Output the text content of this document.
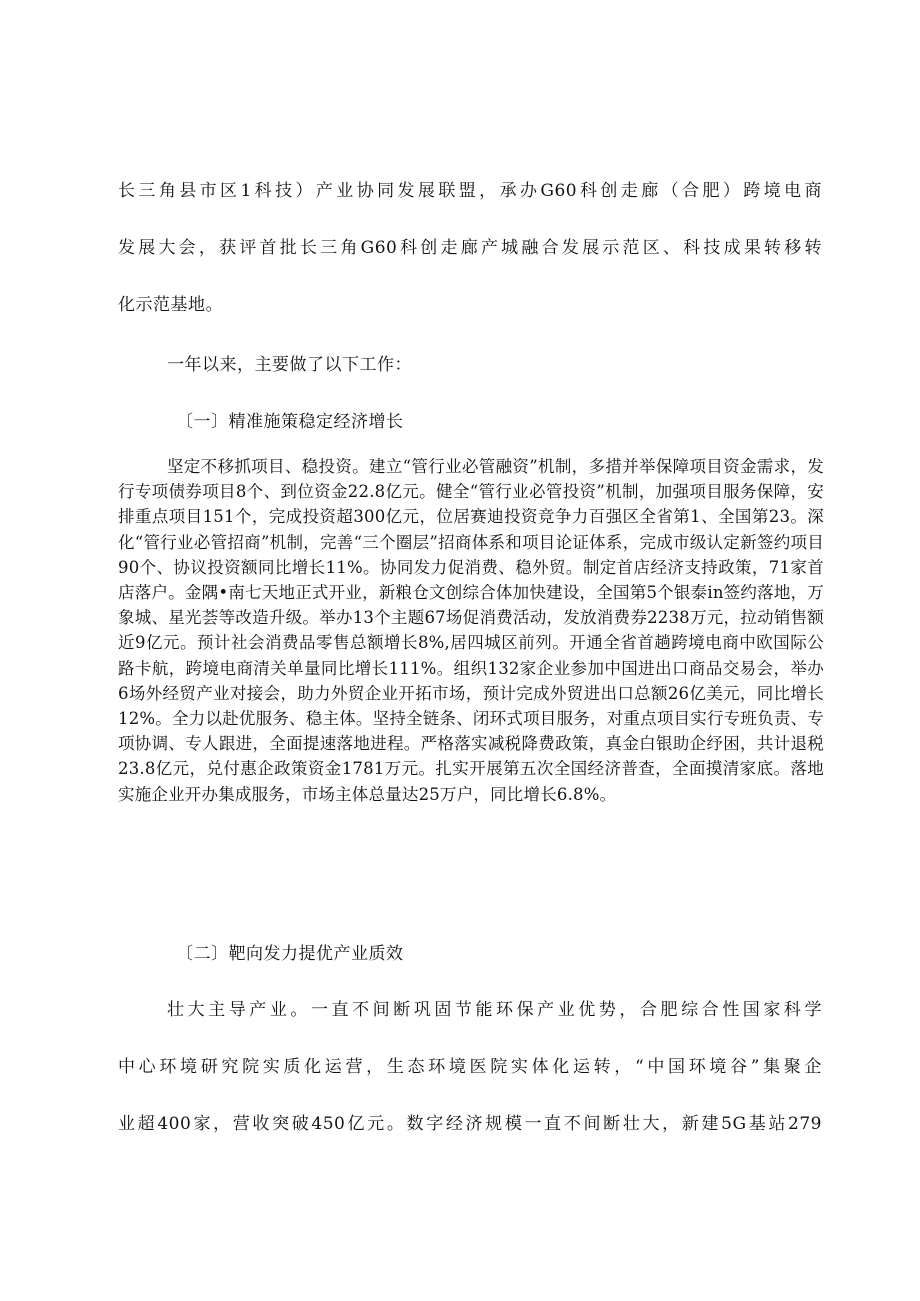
长三角县市区1科技）产业协同发展联盟，承办G60科创走廊（合肥）跨境电商
发展大会，获评首批长三角G60科创走廊产城融合发展示范区、科技成果转移转
化示范基地。
一年以来，主要做了以下工作：
〔一〕精准施策稳定经济增长
坚定不移抓项目、稳投资。建立“管行业必管融资”机制，多措并举保障项目资金需求，发行专项债券项目8个、到位资金22.8亿元。健全“管行业必管投资”机制，加强项目服务保障，安排重点项目151个，完成投资超300亿元，位居赛迪投资竞争力百强区全省第1、全国第23。深化“管行业必管招商”机制，完善“三个圈层”招商体系和项目论证体系，完成市级认定新签约项目90个、协议投资额同比增长11%。协同发力促消费、稳外贸。制定首店经济支持政策，71家首店落户。金隅•南七天地正式开业，新粮仓文创综合体加快建设，全国第5个银泰in签约落地，万象城、星光荟等改造升级。举办13个主题67场促消费活动，发放消费券2238万元，拉动销售额近9亿元。预计社会消费品零售总额增长8%,居四城区前列。开通全省首趟跨境电商中欧国际公路卡航，跨境电商清关单量同比增长111%。组织132家企业参加中国进出口商品交易会，举办6场外经贸产业对接会，助力外贸企业开拓市场，预计完成外贸进出口总额26亿美元，同比增长12%。全力以赴优服务、稳主体。坚持全链条、闭环式项目服务，对重点项目实行专班负责、专项协调、专人跟进，全面提速落地进程。严格落实减税降费政策，真金白银助企纾困，共计退税23.8亿元，兑付惠企政策资金1781万元。扎实开展第五次全国经济普查，全面摸清家底。落地实施企业开办集成服务，市场主体总量达25万户，同比增长6.8%。
〔二〕靶向发力提优产业质效
壮大主导产业。一直不间断巩固节能环保产业优势，合肥综合性国家科学
中心环境研究院实质化运营，生态环境医院实体化运转，“中国环境谷”集聚企
业超400家，营收突破450亿元。数字经济规模一直不间断壮大，新建5G基站279
